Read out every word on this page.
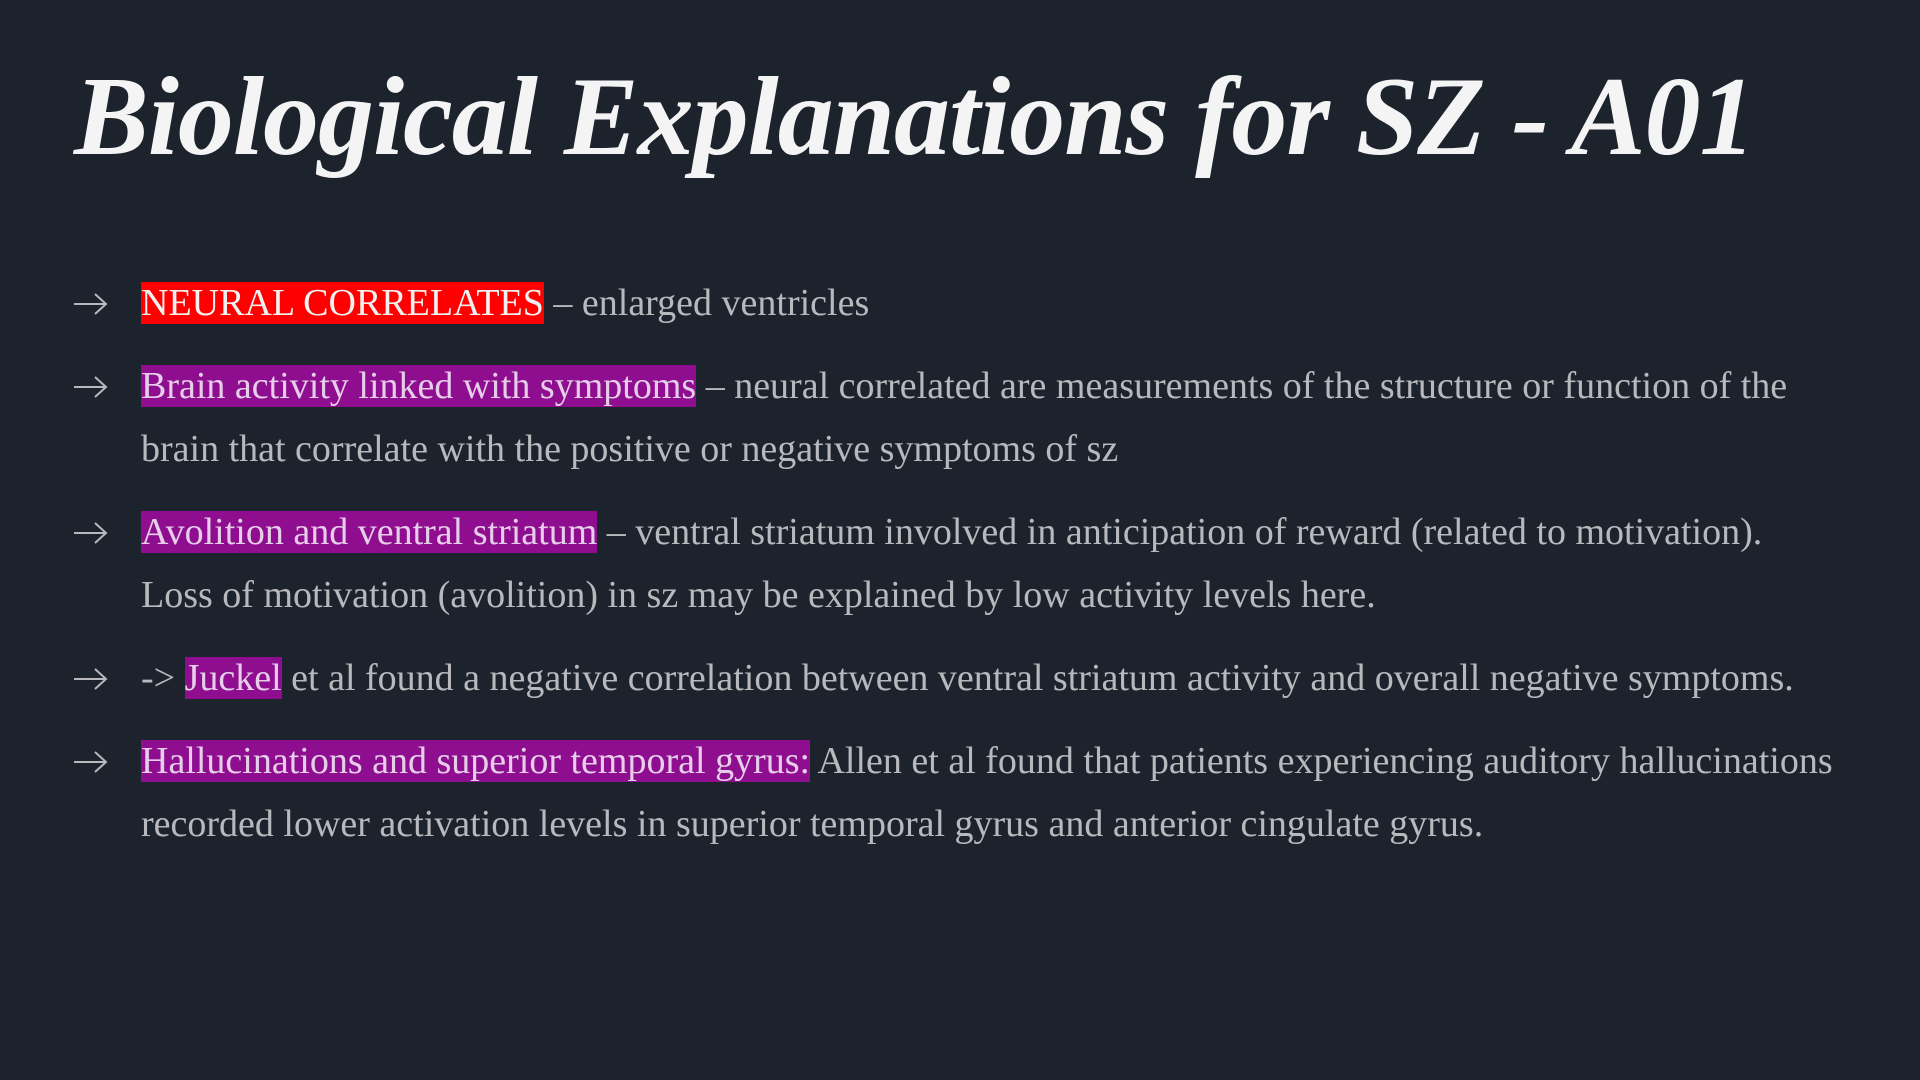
Biological Explanations for SZ - A01
NEURAL CORRELATES – enlarged ventricles
Brain activity linked with symptoms – neural correlated are measurements of the structure or function of the brain that correlate with the positive or negative symptoms of sz
Avolition and ventral striatum – ventral striatum involved in anticipation of reward (related to motivation). Loss of motivation (avolition) in sz may be explained by low activity levels here.
-> Juckel et al found a negative correlation between ventral striatum activity and overall negative symptoms.
Hallucinations and superior temporal gyrus: Allen et al found that patients experiencing auditory hallucinations recorded lower activation levels in superior temporal gyrus and anterior cingulate gyrus.
